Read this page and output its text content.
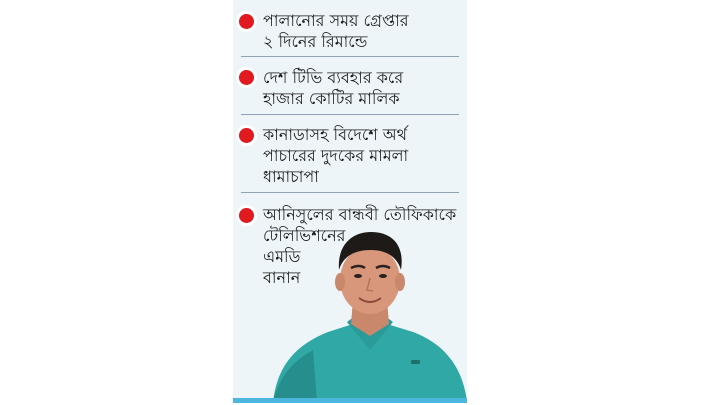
পালানোর সময় গ্রেপ্তার
২ দিনের রিমান্ডে

দেশ টিভি ব্যবহার করে
হাজার কোটির মালিক

কানাডাসহ বিদেশে অর্থ
পাচারের দুদকের মামলা
ধামাচাপা

আনিসুলের বান্ধবী তৌফিকাকে
টেলিভিশনের
এমডি
বানান
